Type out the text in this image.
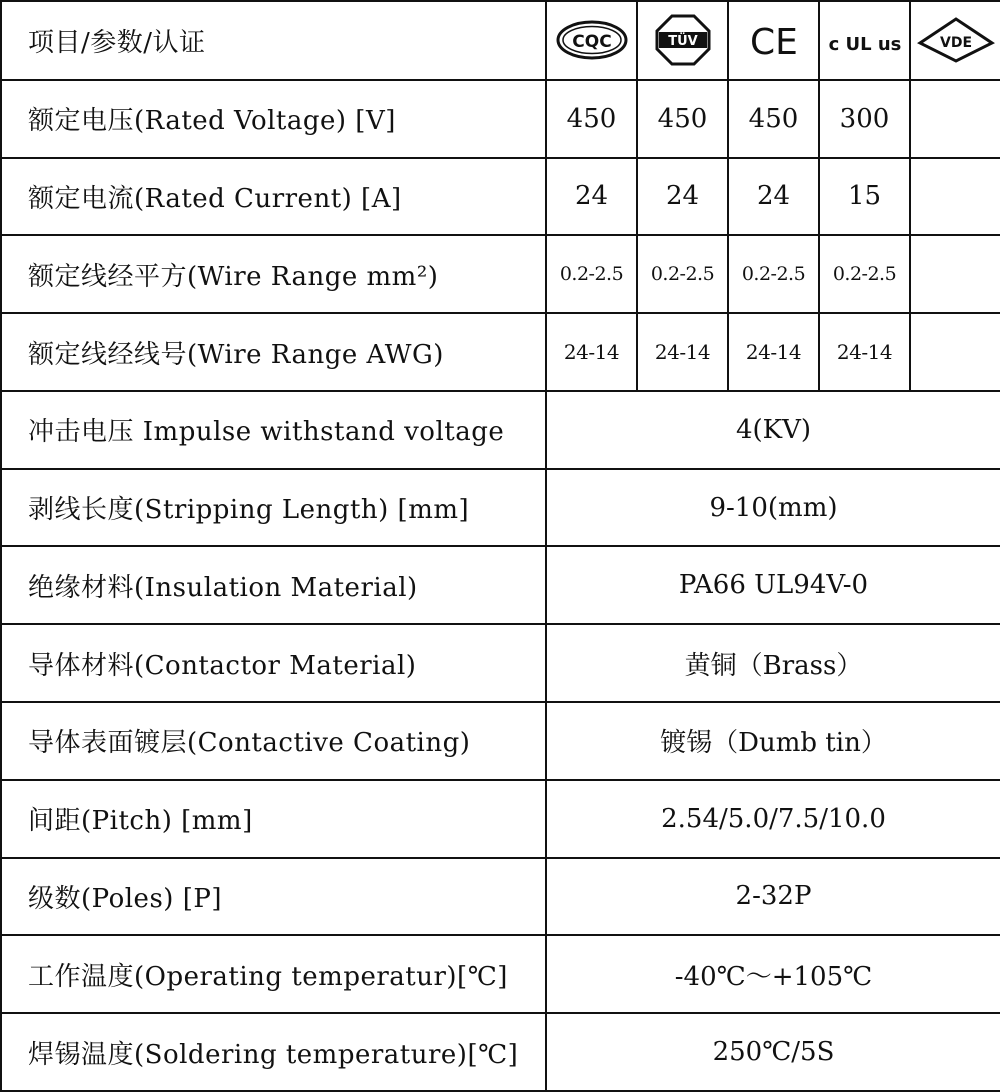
项目/参数/认证	CQC	TÜV	CE	c UL us	VDE

额定电压(Rated Voltage) [V]	450	450	450	300	
额定电流(Rated Current) [A]	24	24	24	15	
额定线经平方(Wire Range mm²)	0.2-2.5	0.2-2.5	0.2-2.5	0.2-2.5	
额定线经线号(Wire Range AWG)	24-14	24-14	24-14	24-14	
冲击电压 Impulse withstand voltage	4(KV)				
剥线长度(Stripping Length) [mm]	9-10(mm)				
绝缘材料(Insulation Material)	PA66 UL94V-0				
导体材料(Contactor Material)	黄铜（Brass）				
导体表面镀层(Contactive Coating)	镀锡（Dumb tin）				
间距(Pitch) [mm]	2.54/5.0/7.5/10.0				
级数(Poles) [P]	2-32P				
工作温度(Operating temperatur)[℃]	-40℃～+105℃				
焊锡温度(Soldering temperature)[℃]	250℃/5S				
